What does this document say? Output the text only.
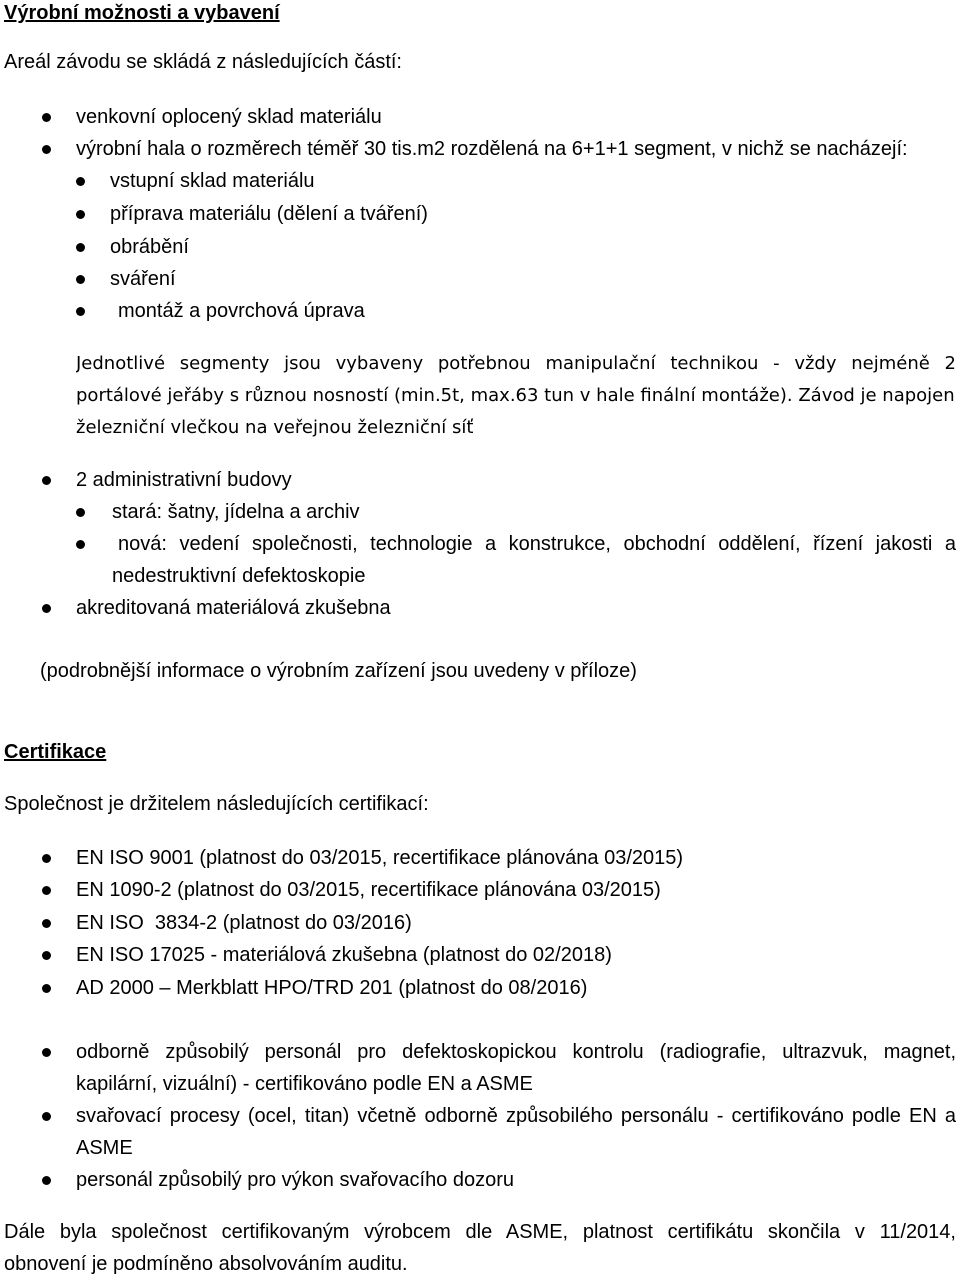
Výrobní možnosti a vybavení
Areál závodu se skládá z následujících částí:
venkovní oplocený sklad materiálu
výrobní hala o rozměrech téměř 30 tis.m2 rozdělená na 6+1+1 segment, v nichž se nacházejí:
vstupní sklad materiálu
příprava materiálu (dělení a tváření)
obrábění
sváření
montáž a povrchová úprava
Jednotlivé segmenty jsou vybaveny potřebnou manipulační technikou - vždy nejméně 2
portálové jeřáby s různou nosností (min.5t, max.63 tun v hale finální montáže). Závod je napojen
železniční vlečkou na veřejnou železniční síť
2 administrativní budovy
stará: šatny, jídelna a archiv
nová: vedení společnosti, technologie a konstrukce, obchodní oddělení, řízení jakosti a
nedestruktivní defektoskopie
akreditovaná materiálová zkušebna
(podrobnější informace o výrobním zařízení jsou uvedeny v příloze)
Certifikace
Společnost je držitelem následujících certifikací:
EN ISO 9001 (platnost do 03/2015, recertifikace plánována 03/2015)
EN 1090-2 (platnost do 03/2015, recertifikace plánována 03/2015)
EN ISO  3834-2 (platnost do 03/2016)
EN ISO 17025 - materiálová zkušebna (platnost do 02/2018)
AD 2000 – Merkblatt HPO/TRD 201 (platnost do 08/2016)
odborně způsobilý personál pro defektoskopickou kontrolu (radiografie, ultrazvuk, magnet,
kapilární, vizuální) - certifikováno podle EN a ASME
svařovací procesy (ocel, titan) včetně odborně způsobilého personálu - certifikováno podle EN a
ASME
personál způsobilý pro výkon svařovacího dozoru
Dále byla společnost certifikovaným výrobcem dle ASME, platnost certifikátu skončila v 11/2014,
obnovení je podmíněno absolvováním auditu.
